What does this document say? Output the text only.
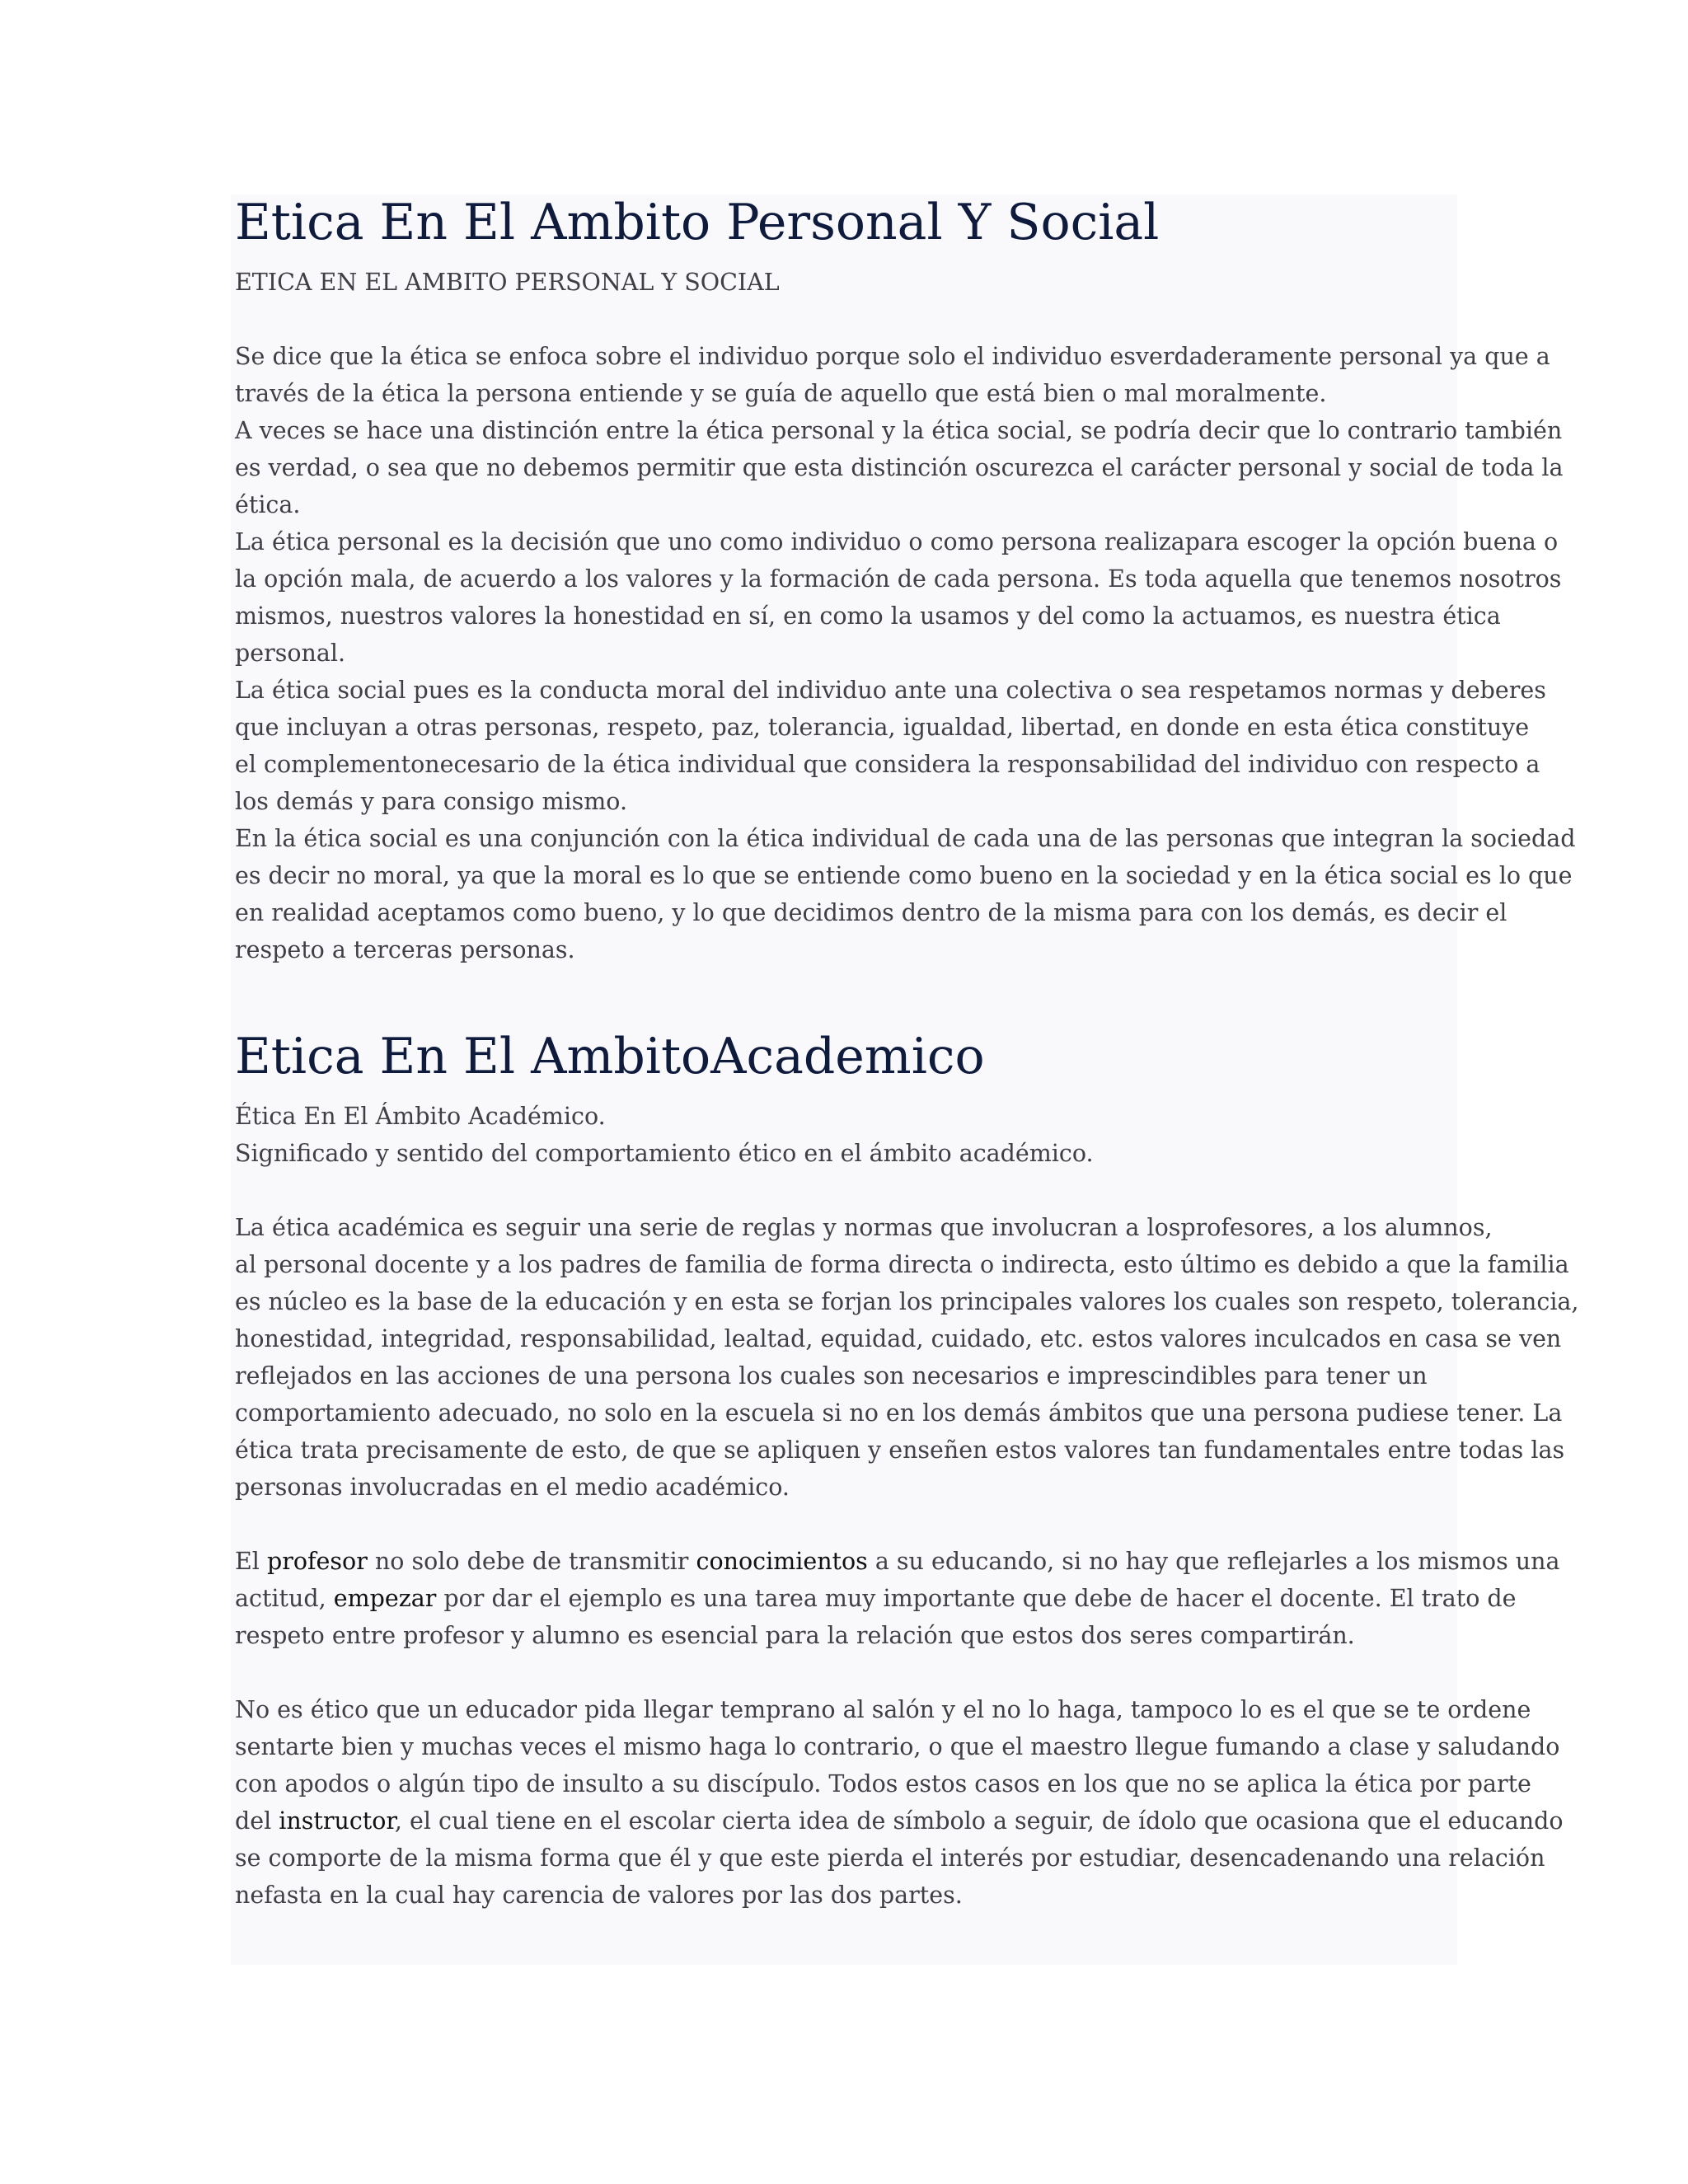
Etica En El Ambito Personal Y Social
ETICA EN EL AMBITO PERSONAL Y SOCIAL
Se dice que la ética se enfoca sobre el individuo porque solo el individuo esverdaderamente personal ya que a
través de la ética la persona entiende y se guía de aquello que está bien o mal moralmente.
A veces se hace una distinción entre la ética personal y la ética social, se podría decir que lo contrario también
es verdad, o sea que no debemos permitir que esta distinción oscurezca el carácter personal y social de toda la
ética.
La ética personal es la decisión que uno como individuo o como persona realizapara escoger la opción buena o
la opción mala, de acuerdo a los valores y la formación de cada persona. Es toda aquella que tenemos nosotros
mismos, nuestros valores la honestidad en sí, en como la usamos y del como la actuamos, es nuestra ética
personal.
La ética social pues es la conducta moral del individuo ante una colectiva o sea respetamos normas y deberes
que incluyan a otras personas, respeto, paz, tolerancia, igualdad, libertad, en donde en esta ética constituye
el complementonecesario de la ética individual que considera la responsabilidad del individuo con respecto a
los demás y para consigo mismo.
En la ética social es una conjunción con la ética individual de cada una de las personas que integran la sociedad
es decir no moral, ya que la moral es lo que se entiende como bueno en la sociedad y en la ética social es lo que
en realidad aceptamos como bueno, y lo que decidimos dentro de la misma para con los demás, es decir el
respeto a terceras personas.
Etica En El AmbitoAcademico
Ética En El Ámbito Académico.
Significado y sentido del comportamiento ético en el ámbito académico.
La ética académica es seguir una serie de reglas y normas que involucran a losprofesores, a los alumnos,
al personal docente y a los padres de familia de forma directa o indirecta, esto último es debido a que la familia
es núcleo es la base de la educación y en esta se forjan los principales valores los cuales son respeto, tolerancia,
honestidad, integridad, responsabilidad, lealtad, equidad, cuidado, etc. estos valores inculcados en casa se ven
reflejados en las acciones de una persona los cuales son necesarios e imprescindibles para tener un
comportamiento adecuado, no solo en la escuela si no en los demás ámbitos que una persona pudiese tener. La
ética trata precisamente de esto, de que se apliquen y enseñen estos valores tan fundamentales entre todas las
personas involucradas en el medio académico.
El profesor no solo debe de transmitir conocimientos a su educando, si no hay que reflejarles a los mismos una
actitud, empezar por dar el ejemplo es una tarea muy importante que debe de hacer el docente. El trato de
respeto entre profesor y alumno es esencial para la relación que estos dos seres compartirán.
No es ético que un educador pida llegar temprano al salón y el no lo haga, tampoco lo es el que se te ordene
sentarte bien y muchas veces el mismo haga lo contrario, o que el maestro llegue fumando a clase y saludando
con apodos o algún tipo de insulto a su discípulo. Todos estos casos en los que no se aplica la ética por parte
del instructor, el cual tiene en el escolar cierta idea de símbolo a seguir, de ídolo que ocasiona que el educando
se comporte de la misma forma que él y que este pierda el interés por estudiar, desencadenando una relación
nefasta en la cual hay carencia de valores por las dos partes.
